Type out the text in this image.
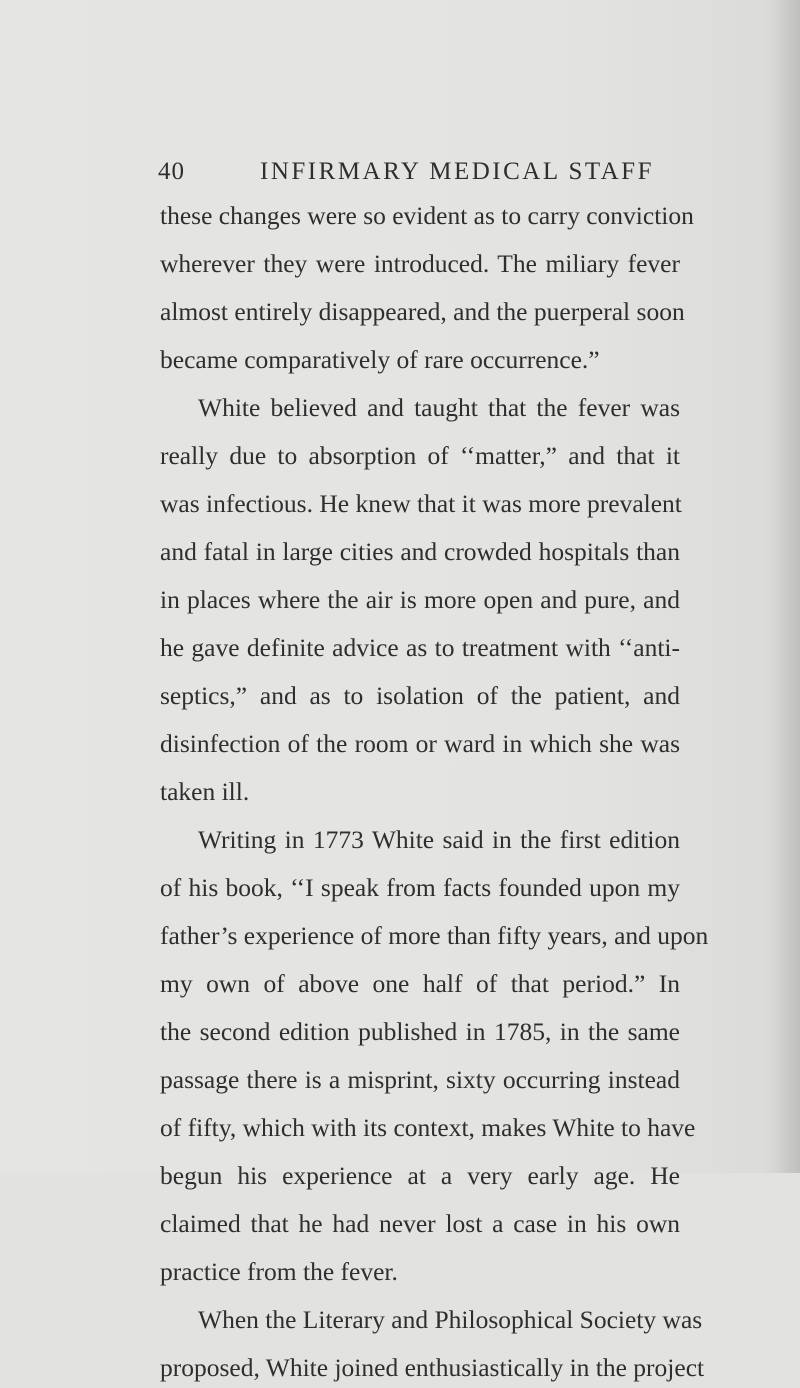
40	INFIRMARY MEDICAL STAFF
these changes were so evident as to carry conviction
wherever they were introduced. The miliary fever
almost entirely disappeared, and the puerperal soon
became comparatively of rare occurrence.”
White believed and taught that the fever was
really due to absorption of ‘‘matter,” and that it
was infectious. He knew that it was more prevalent
and fatal in large cities and crowded hospitals than
in places where the air is more open and pure, and
he gave definite advice as to treatment with ‘‘anti-
septics,” and as to isolation of the patient, and
disinfection of the room or ward in which she was
taken ill.
Writing in 1773 White said in the first edition
of his book, ‘‘I speak from facts founded upon my
father’s experience of more than fifty years, and upon
my own of above one half of that period.” In
the second edition published in 1785, in the same
passage there is a misprint, sixty occurring instead
of fifty, which with its context, makes White to have
begun his experience at a very early age. He
claimed that he had never lost a case in his own
practice from the fever.
When the Literary and Philosophical Society was
proposed, White joined enthusiastically in the project
